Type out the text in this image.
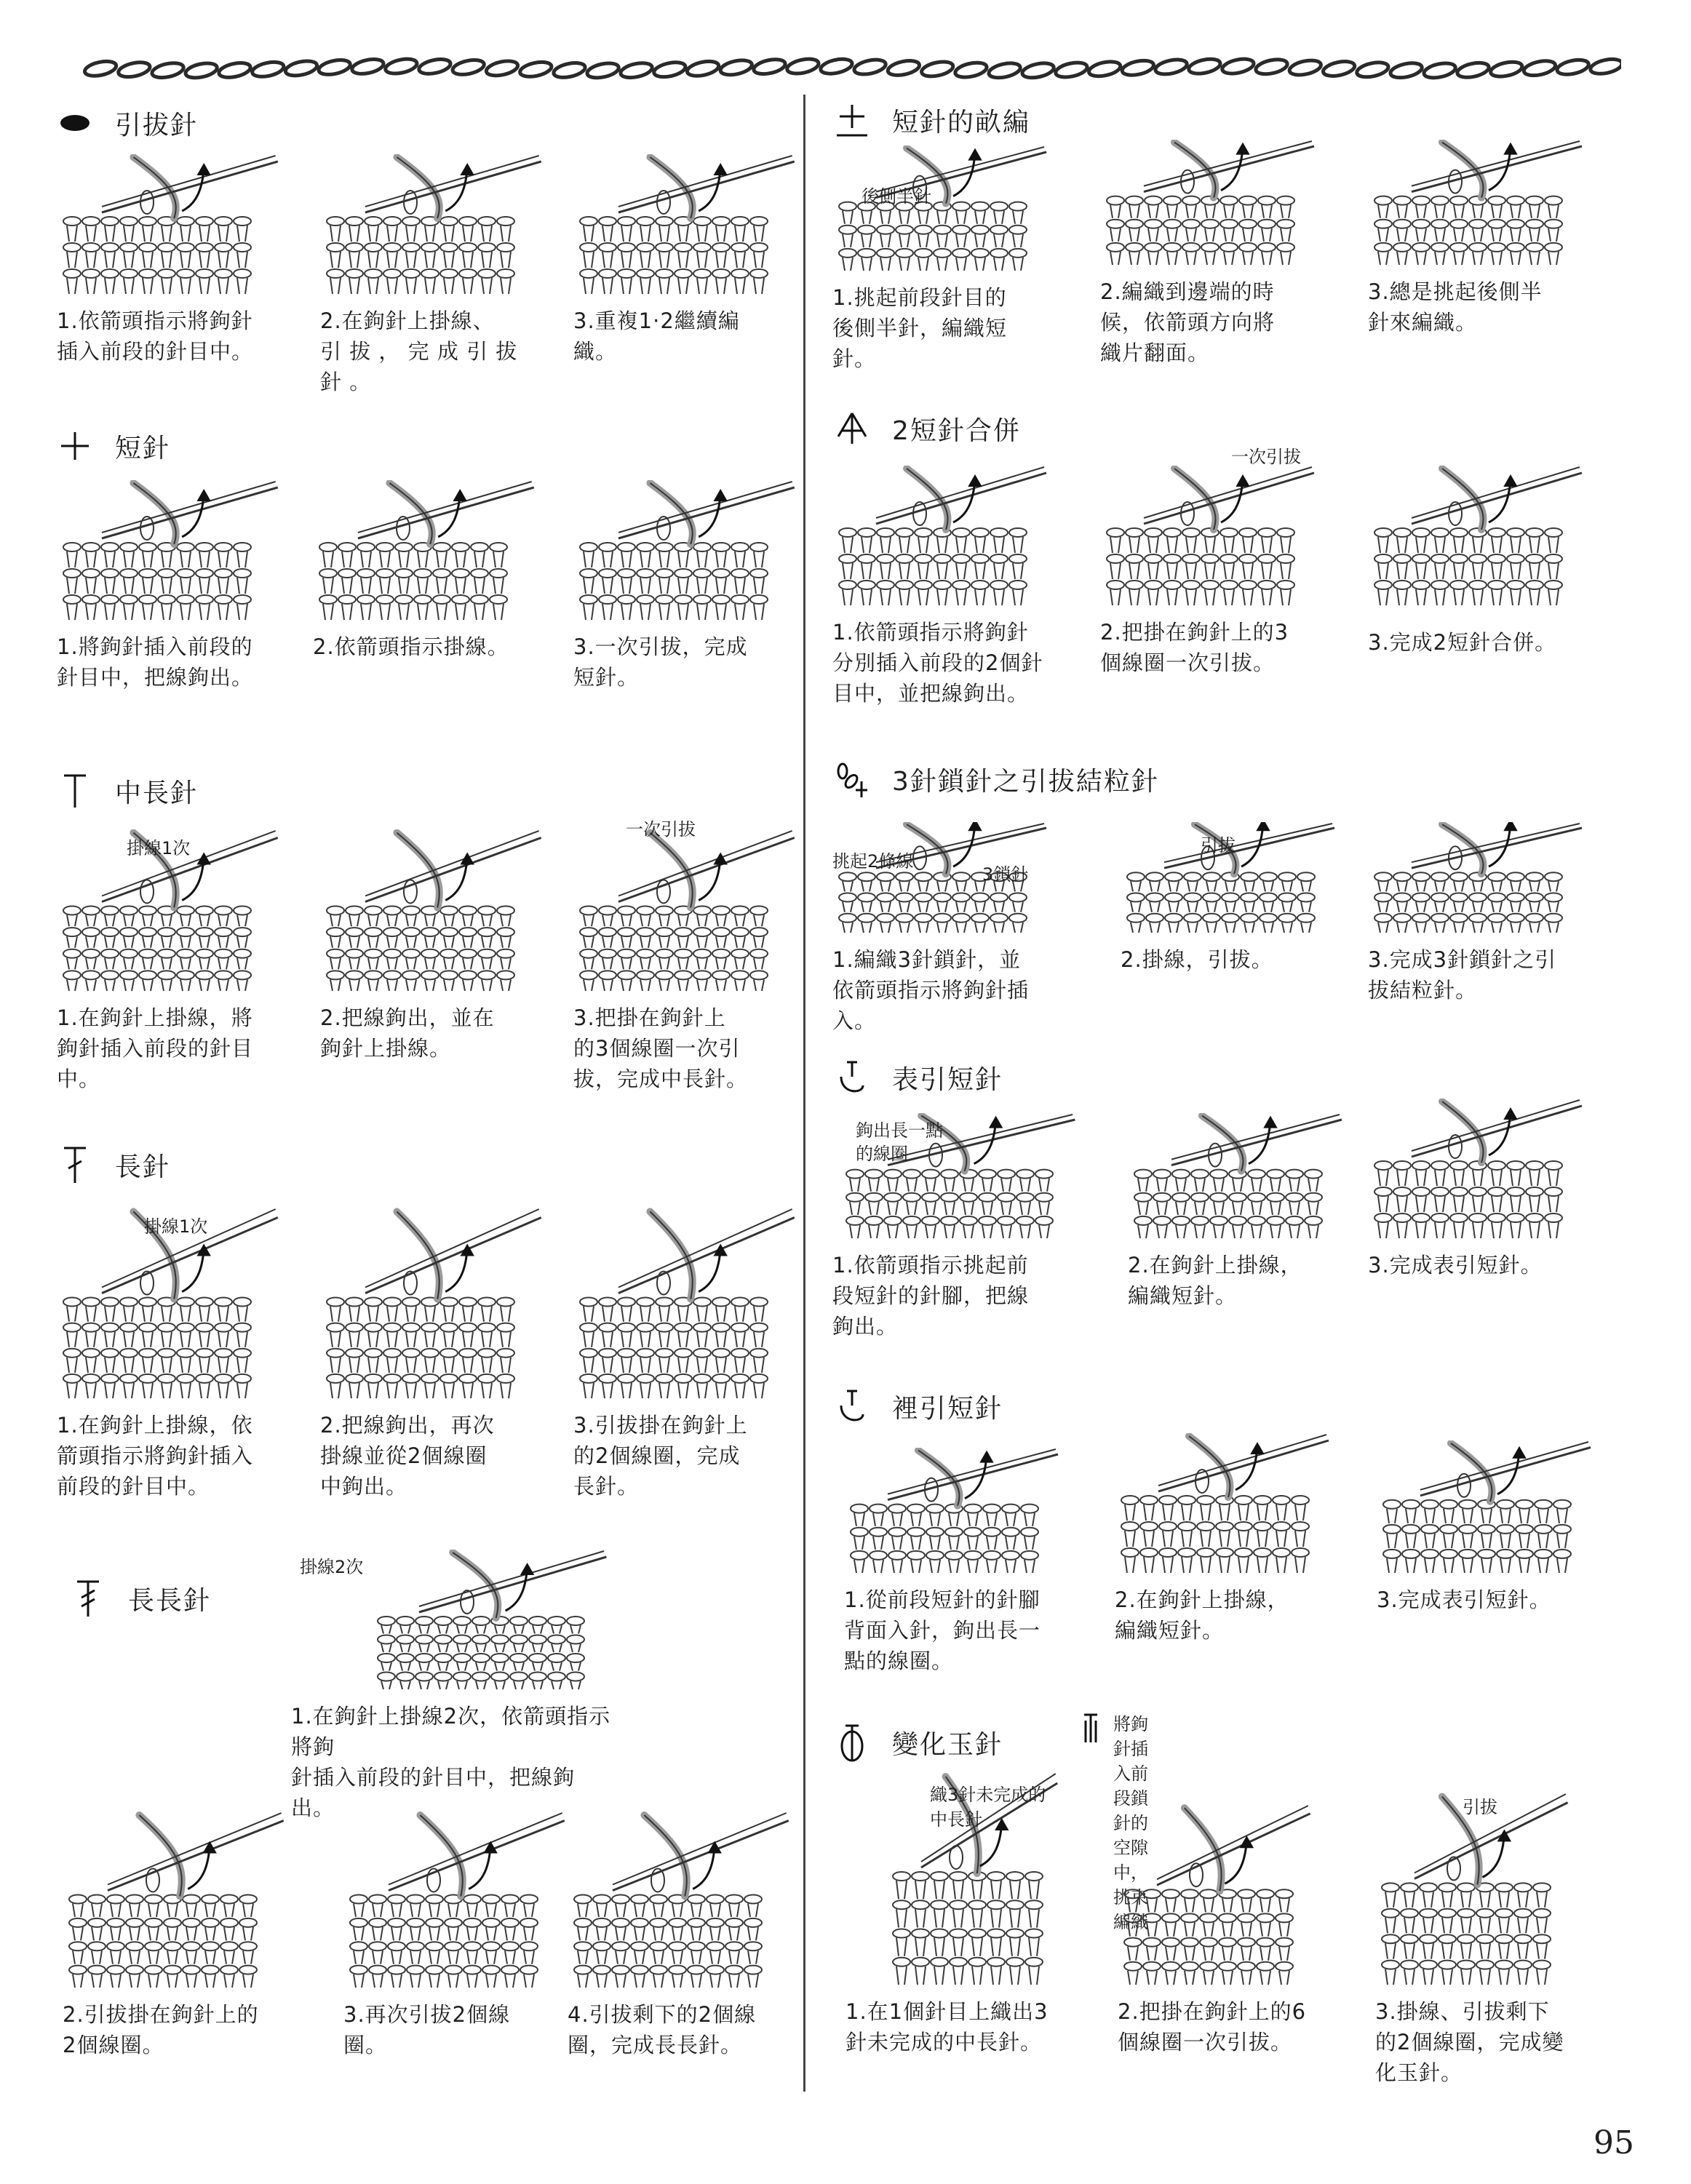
引拔針
1.依箭頭指示將鉤針
插入前段的針目中。
2.在鉤針上掛線、
引 拔 ， 完 成 引 拔
針 。
3.重複1·2繼續編
織。
短針
1.將鉤針插入前段的
針目中，把線鉤出。
2.依箭頭指示掛線。	3.一次引拔，完成
短針。
中長針
掛線1次
1.在鉤針上掛線，將
鉤針插入前段的針目
中。
2.把線鉤出，並在
鉤針上掛線。
一次引拔
3.把掛在鉤針上
的3個線圈一次引
拔，完成中長針。
長針
掛線1次
1.在鉤針上掛線，依
箭頭指示將鉤針插入
前段的針目中。
2.把線鉤出，再次
掛線並從2個線圈
中鉤出。
3.引拔掛在鉤針上
的2個線圈，完成
長針。
長長針
掛線2次
1.在鉤針上掛線2次，依箭頭指示將鉤
針插入前段的針目中，把線鉤出。
2.引拔掛在鉤針上的
2個線圈。
3.再次引拔2個線
圈。
4.引拔剩下的2個線
圈，完成長長針。
短針的畝編
後側半針
1.挑起前段針目的
後側半針，編織短
針。
2.編織到邊端的時
候，依箭頭方向將
織片翻面。
3.總是挑起後側半
針來編織。
2短針合併
1.依箭頭指示將鉤針
分別插入前段的2個針
目中，並把線鉤出。
一次引拔
2.把掛在鉤針上的3
個線圈一次引拔。
3.完成2短針合併。
3針鎖針之引拔結粒針
挑起2條線
3鎖針
1.編織3針鎖針，並
依箭頭指示將鉤針插
入。
引拔
2.掛線，引拔。	3.完成3針鎖針之引
拔結粒針。
表引短針
鉤出長一點
的線圈
1.依箭頭指示挑起前
段短針的針腳，把線
鉤出。
2.在鉤針上掛線，
編織短針。
3.完成表引短針。
裡引短針
1.從前段短針的針腳
背面入針，鉤出長一
點的線圈。
2.在鉤針上掛線，
編織短針。
3.完成表引短針。
變化玉針
將鉤針插入前段鎖針的空隙中，
挑束編織
織3針未完成的
中長針
1.在1個針目上織出3
針未完成的中長針。
2.把掛在鉤針上的6
個線圈一次引拔。
引拔
3.掛線、引拔剩下
的2個線圈，完成變
化玉針。
95
